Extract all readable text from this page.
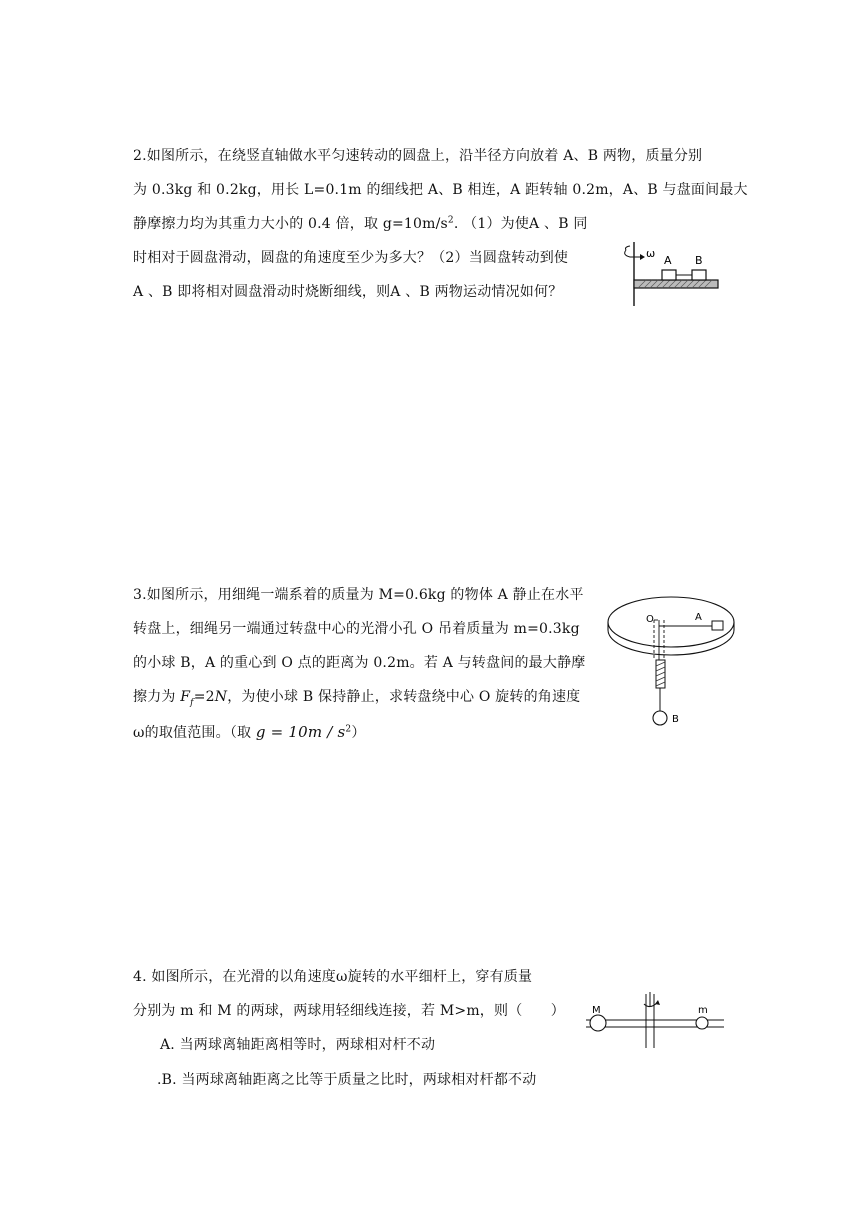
2.如图所示，在绕竖直轴做水平匀速转动的圆盘上，沿半径方向放着 A、B 两物，质量分别
为 0.3kg 和 0.2kg，用长 L=0.1m 的细线把 A、B 相连，A 距转轴 0.2m，A、B 与盘面间最大
静摩擦力均为其重力大小的 0.4 倍，取 $g=10m/s^2$. （1）为使A 、B 同
时相对于圆盘滑动，圆盘的角速度至少为多大？（2）当圆盘转动到使
A 、B 即将相对圆盘滑动时烧断细线，则A 、B 两物运动情况如何？
ω
A B
3.如图所示，用细绳一端系着的质量为 M=0.6kg 的物体 A 静止在水平
转盘上，细绳另一端通过转盘中心的光滑小孔 O 吊着质量为 m=0.3kg
的小球 B，A 的重心到 O 点的距离为 0.2m。若 A 与转盘间的最大静摩
擦力为 $F_f=2N$，为使小球 B 保持静止，求转盘绕中心 O 旋转的角速度
ω的取值范围。（取 $g = 10m / s^2$）
O	A
B
4. 如图所示，在光滑的以角速度ω旋转的水平细杆上，穿有质量
分别为 m 和 M 的两球，两球用轻细线连接，若 M>m，则（　　）
A. 当两球离轴距离相等时，两球相对杆不动
.B. 当两球离轴距离之比等于质量之比时，两球相对杆都不动
M	m
